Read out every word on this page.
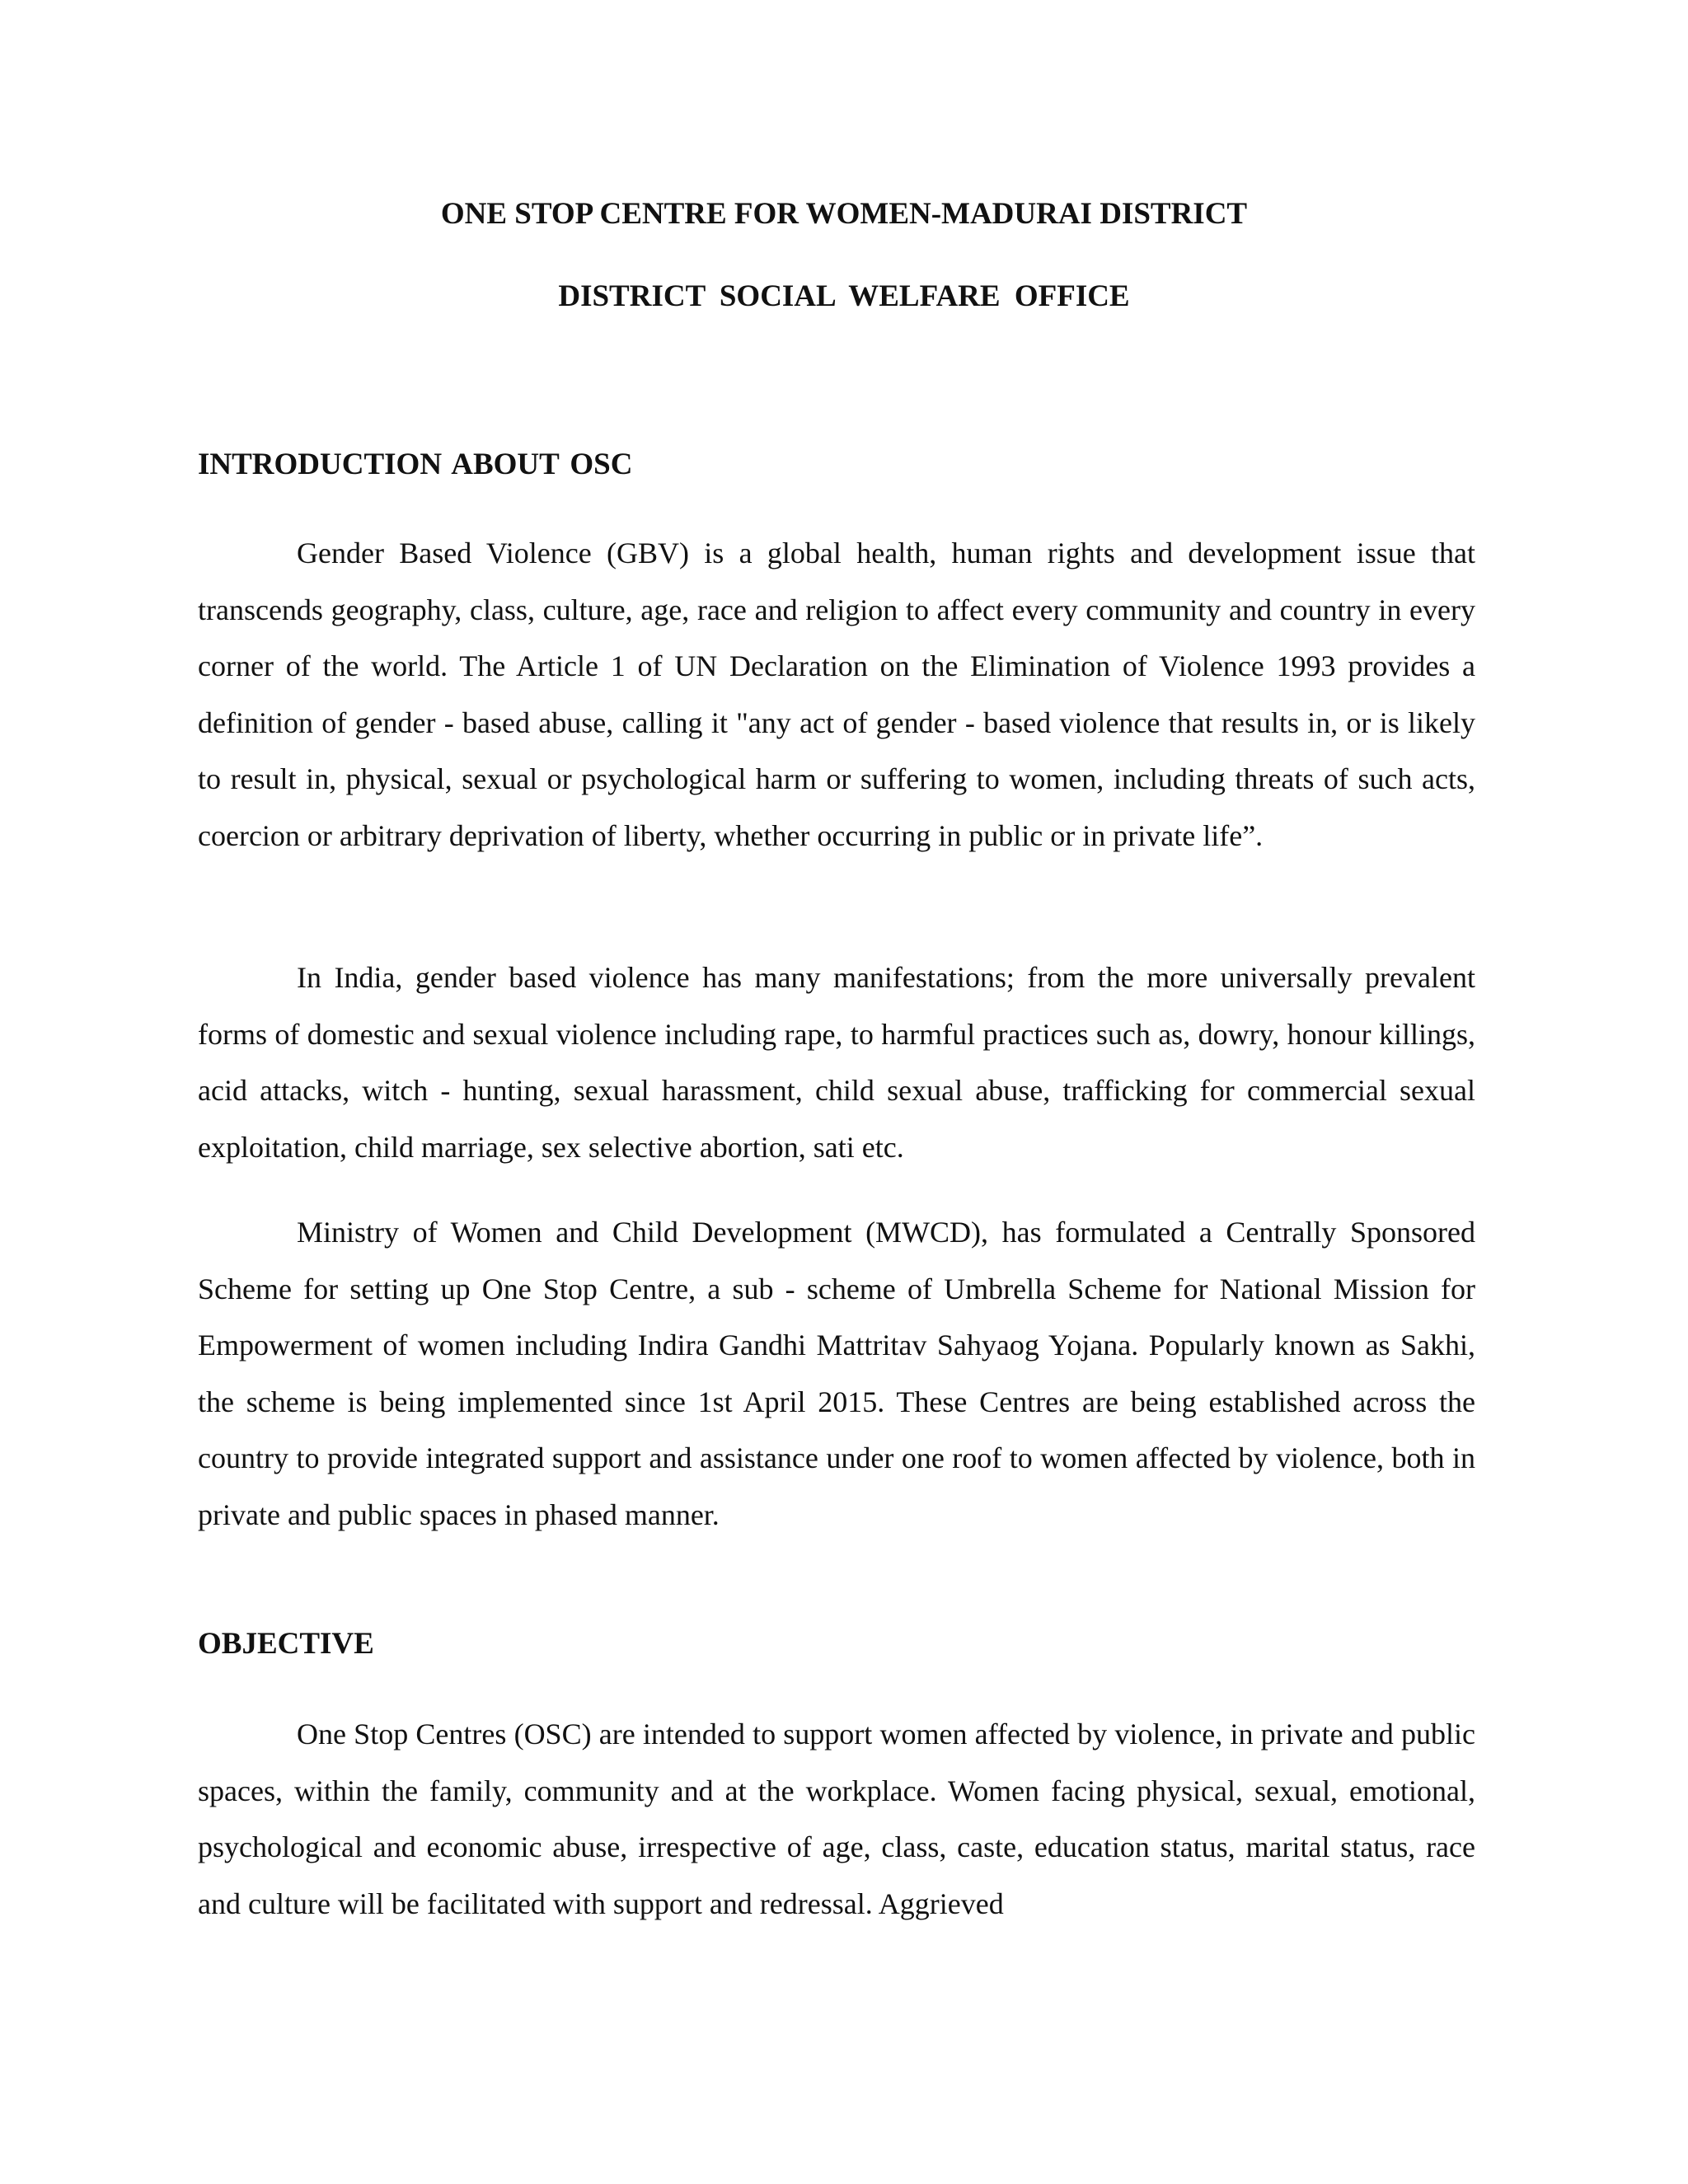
ONE STOP CENTRE FOR WOMEN-MADURAI DISTRICT
DISTRICT SOCIAL WELFARE OFFICE
INTRODUCTION ABOUT OSC

Gender Based Violence (GBV) is a global health, human rights and development issue that transcends geography, class, culture, age, race and religion to affect every community and country in every corner of the world. The Article 1 of UN Declaration on the Elimination of Violence 1993 provides a definition of gender - based abuse, calling it "any act of gender - based violence that results in, or is likely to result in, physical, sexual or psychological harm or suffering to women, including threats of such acts, coercion or arbitrary deprivation of liberty, whether occurring in public or in private life”.

In India, gender based violence has many manifestations; from the more universally prevalent forms of domestic and sexual violence including rape, to harmful practices such as, dowry, honour killings, acid attacks, witch - hunting, sexual harassment, child sexual abuse, trafficking for commercial sexual exploitation, child marriage, sex selective abortion, sati etc.

Ministry of Women and Child Development (MWCD), has formulated a Centrally Sponsored Scheme for setting up One Stop Centre, a sub - scheme of Umbrella Scheme for National Mission for Empowerment of women including Indira Gandhi Mattritav Sahyaog Yojana. Popularly known as Sakhi, the scheme is being implemented since 1st April 2015. These Centres are being established across the country to provide integrated support and assistance under one roof to women affected by violence, both in private and public spaces in phased manner.

OBJECTIVE

One Stop Centres (OSC) are intended to support women affected by violence, in private and public spaces, within the family, community and at the workplace. Women facing physical, sexual, emotional, psychological and economic abuse, irrespective of age, class, caste, education status, marital status, race and culture will be facilitated with support and redressal. Aggrieved
